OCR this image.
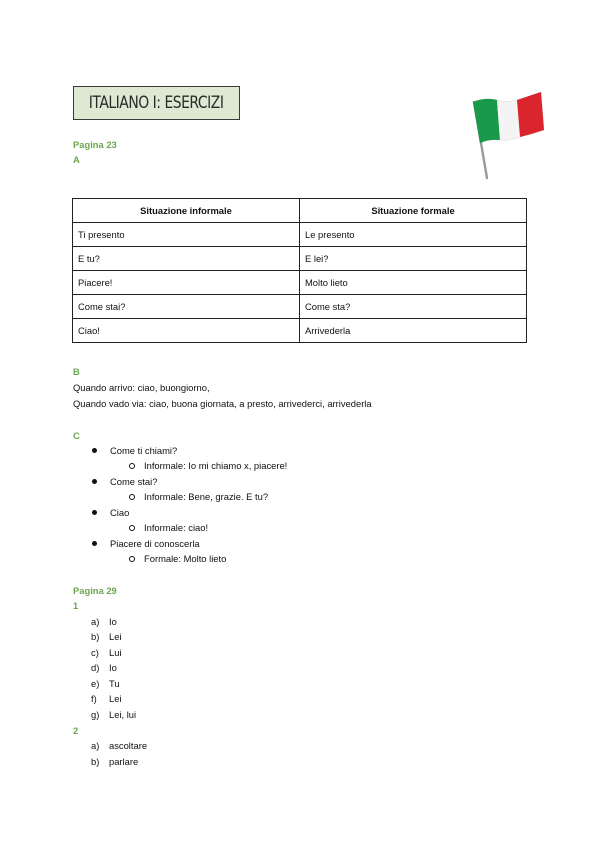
ITALIANO I: ESERCIZI
Pagina 23
A
Situazione informale	Situazione formale
Ti presento	Le presento
E tu?	E lei?
Piacere!	Molto lieto
Come stai?	Come sta?
Ciao!	Arrivederla
B
Quando arrivo: ciao, buongiorno,
Quando vado via: ciao, buona giornata, a presto, arrivederci, arrivederla
C
Come ti chiami?
Informale: Io mi chiamo x, piacere!
Come stai?
Informale: Bene, grazie. E tu?
Ciao
Informale: ciao!
Piacere di conoscerla
Formale: Molto lieto
Pagina 29
1
a) Io
b) Lei
c) Lui
d) Io
e) Tu
f) Lei
g) Lei, lui
2
a) ascoltare
b) parlare
